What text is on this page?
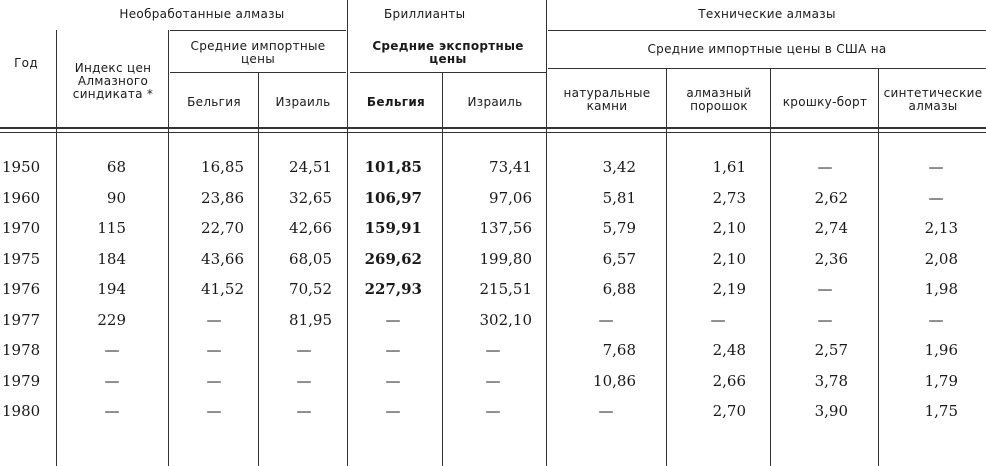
Год
Необработанные алмазы	Бриллианты	Технические алмазы
Индекс цен
Алмазного
синдиката *
Средние импортные
цены
Средние экспортные
цены
Средние импортные цены в США на
Бельгия	Израиль	Бельгия	Израиль
натуральные
камни
алмазный
порошок	крошку-борт
синтетические
алмазы
1950	68	16,85	24,51	101,85	73,41	3,42	1,61	—	—
1960	90	23,86	32,65	106,97	97,06	5,81	2,73	2,62	—
1970	115	22,70	42,66	159,91	137,56	5,79	2,10	2,74	2,13
1975	184	43,66	68,05	269,62	199,80	6,57	2,10	2,36	2,08
1976	194	41,52	70,52	227,93	215,51	6,88	2,19	—	1,98
1977	229	—	81,95	—	302,10	—	—	—	—
1978	—	—	—	—	—	7,68	2,48	2,57	1,96
1979	—	—	—	—	—	10,86	2,66	3,78	1,79
1980	—	—	—	—	—	—	2,70	3,90	1,75
